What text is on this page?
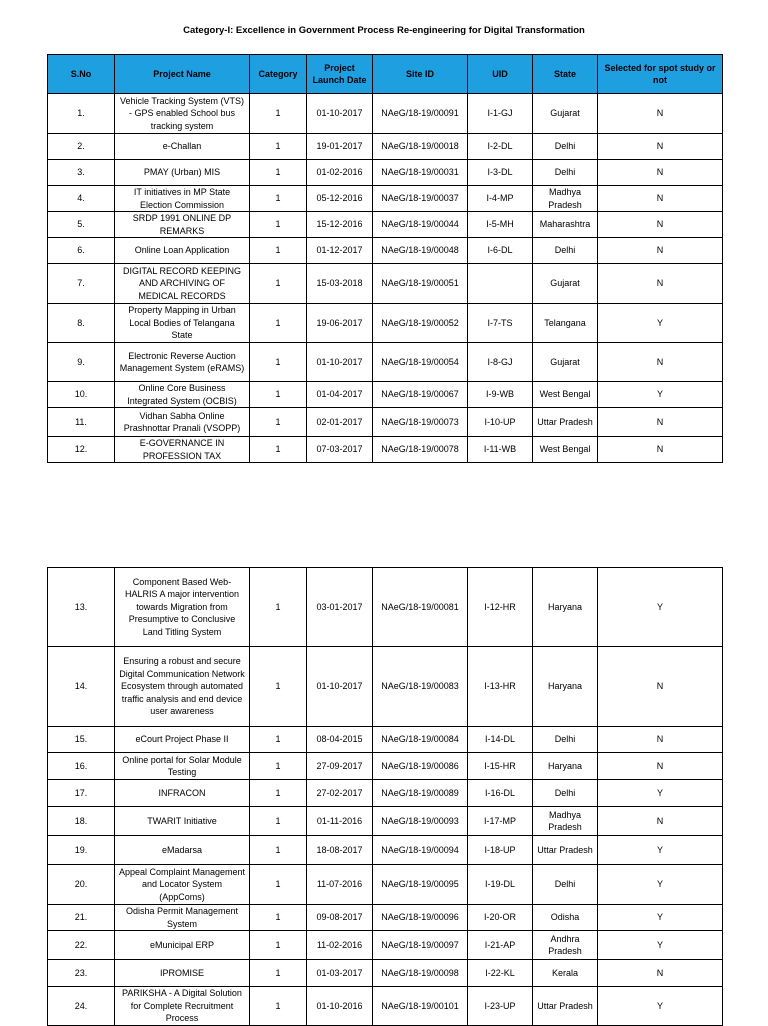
Category-I: Excellence in Government Process Re-engineering for Digital Transformation
S.No	Project Name	Category	Project Launch Date	Site ID	UID	State	Selected for spot study or not
1.	Vehicle Tracking System (VTS) - GPS enabled School bus tracking system	1	01-10-2017	NAeG/18-19/00091	I-1-GJ	Gujarat	N
2.	e-Challan	1	19-01-2017	NAeG/18-19/00018	I-2-DL	Delhi	N
3.	PMAY (Urban) MIS	1	01-02-2016	NAeG/18-19/00031	I-3-DL	Delhi	N
4.	IT initiatives in MP State Election Commission	1	05-12-2016	NAeG/18-19/00037	I-4-MP	Madhya Pradesh	N
5.	SRDP 1991 ONLINE DP REMARKS	1	15-12-2016	NAeG/18-19/00044	I-5-MH	Maharashtra	N
6.	Online Loan Application	1	01-12-2017	NAeG/18-19/00048	I-6-DL	Delhi	N
7.	DIGITAL RECORD KEEPING AND ARCHIVING OF MEDICAL RECORDS	1	15-03-2018	NAeG/18-19/00051		Gujarat	N
8.	Property Mapping in Urban Local Bodies of Telangana State	1	19-06-2017	NAeG/18-19/00052	I-7-TS	Telangana	Y
9.	Electronic Reverse Auction Management System (eRAMS)	1	01-10-2017	NAeG/18-19/00054	I-8-GJ	Gujarat	N
10.	Online Core Business Integrated System (OCBIS)	1	01-04-2017	NAeG/18-19/00067	I-9-WB	West Bengal	Y
11.	Vidhan Sabha Online Prashnottar Pranali (VSOPP)	1	02-01-2017	NAeG/18-19/00073	I-10-UP	Uttar Pradesh	N
12.	E-GOVERNANCE IN PROFESSION TAX	1	07-03-2017	NAeG/18-19/00078	I-11-WB	West Bengal	N
13.	Component Based Web-HALRIS A major intervention towards Migration from Presumptive to Conclusive Land Titling System	1	03-01-2017	NAeG/18-19/00081	I-12-HR	Haryana	Y
14.	Ensuring a robust and secure Digital Communication Network Ecosystem through automated traffic analysis and end device user awareness	1	01-10-2017	NAeG/18-19/00083	I-13-HR	Haryana	N
15.	eCourt Project Phase II	1	08-04-2015	NAeG/18-19/00084	I-14-DL	Delhi	N
16.	Online portal for Solar Module Testing	1	27-09-2017	NAeG/18-19/00086	I-15-HR	Haryana	N
17.	INFRACON	1	27-02-2017	NAeG/18-19/00089	I-16-DL	Delhi	Y
18.	TWARIT Initiative	1	01-11-2016	NAeG/18-19/00093	I-17-MP	Madhya Pradesh	N
19.	eMadarsa	1	18-08-2017	NAeG/18-19/00094	I-18-UP	Uttar Pradesh	Y
20.	Appeal Complaint Management and Locator System (AppComs)	1	11-07-2016	NAeG/18-19/00095	I-19-DL	Delhi	Y
21.	Odisha Permit Management System	1	09-08-2017	NAeG/18-19/00096	I-20-OR	Odisha	Y
22.	eMunicipal ERP	1	11-02-2016	NAeG/18-19/00097	I-21-AP	Andhra Pradesh	Y
23.	IPROMISE	1	01-03-2017	NAeG/18-19/00098	I-22-KL	Kerala	N
24.	PARIKSHA - A Digital Solution for Complete Recruitment Process	1	01-10-2016	NAeG/18-19/00101	I-23-UP	Uttar Pradesh	Y
